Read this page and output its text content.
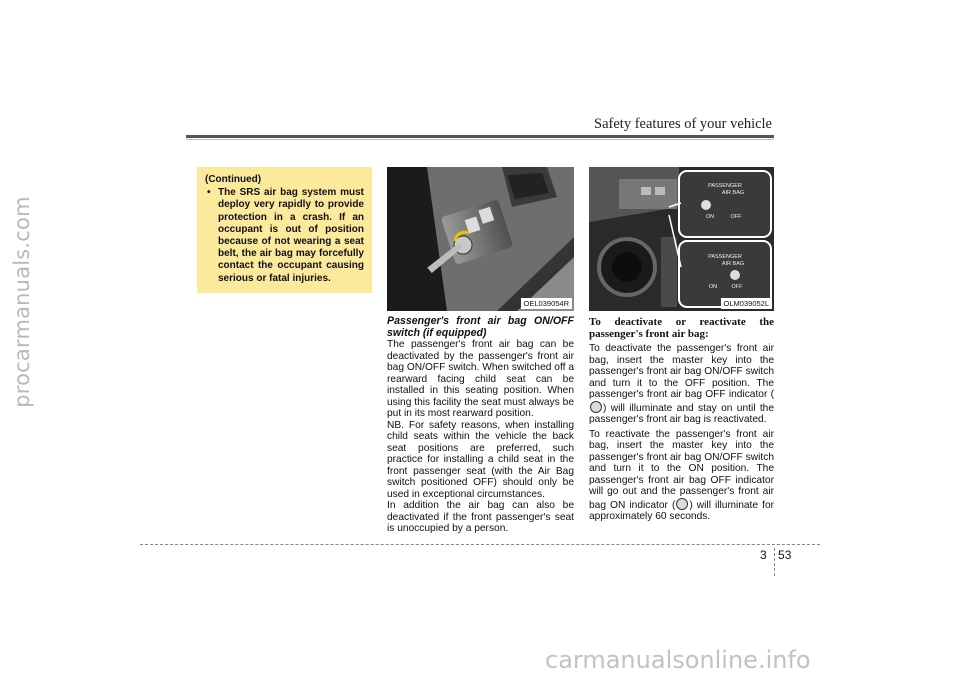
procarmanuals.com
carmanualsonline.info
Safety features of your vehicle
(Continued)
• The SRS air bag system must deploy very rapidly to provide protection in a crash. If an occupant is out of position because of not wearing a seat belt, the air bag may forcefully contact the occupant causing serious or fatal injuries.
OEL039054R
PASSENGER
AIR BAG
ON	OFF
PASSENGER
AIR BAG
ON	OFF
OLM039052L
Passenger's front air bag ON/OFF switch (if equipped)

The passenger's front air bag can be deactivated by the passenger's front air bag ON/OFF switch. When switched off a rearward facing child seat can be installed in this seating position. When using this facility the seat must always be put in its most rearward position.

NB. For safety reasons, when installing child seats within the vehicle the back seat positions are preferred, such practice for installing a child seat in the front passenger seat (with the Air Bag switch positioned OFF) should only be used in exceptional circumstances.

In addition the air bag can also be deactivated if the front passenger's seat is unoccupied by a person.

To deactivate or reactivate the passenger's front air bag:

To deactivate the passenger's front air bag, insert the master key into the passenger's front air bag ON/OFF switch and turn it to the OFF position. The passenger's front air bag OFF indicator () will illuminate and stay on until the passenger's front air bag is reactivated.

To reactivate the passenger's front air bag, insert the master key into the passenger's front air bag ON/OFF switch and turn it to the ON position. The passenger's front air bag OFF indicator will go out and the passenger's front air bag ON indicator ( ) will illuminate for approximately 60 seconds.

3 53
